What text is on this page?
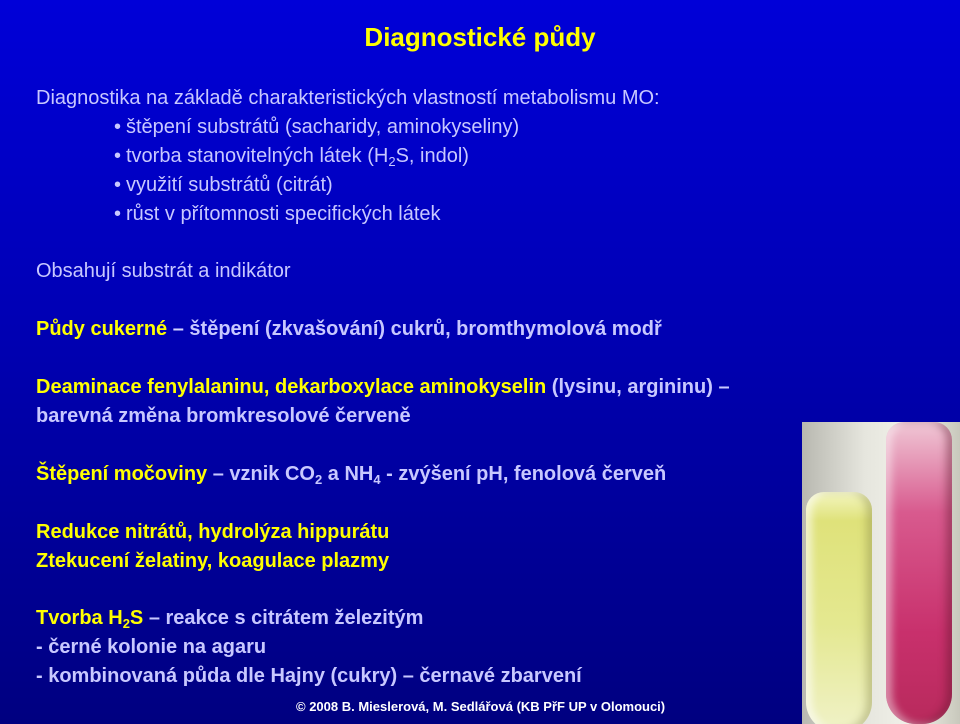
Diagnostické půdy
Diagnostika na základě charakteristických vlastností metabolismu MO:
• štěpení substrátů (sacharidy, aminokyseliny)
• tvorba stanovitelných látek ($H_2S$, indol)
• využití substrátů (citrát)
• růst v přítomnosti specifických látek
Obsahují substrát a indikátor
Půdy cukerné – štěpení (zkvašování) cukrů, bromthymolová modř
Deaminace fenylalaninu, dekarboxylace aminokyselin (lysinu, argininu) –
barevná změna bromkresolové červeně
Štěpení močoviny – vznik $CO_2$ a $NH_4$ - zvýšení pH, fenolová červeň
Redukce nitrátů, hydrolýza hippurátu
Ztekucení želatiny, koagulace plazmy
Tvorba $H_2S$ – reakce s citrátem železitým
- černé kolonie na agaru
- kombinovaná půda dle Hajny (cukry) – černavé zbarvení
© 2008 B. Mieslerová, M. Sedlářová (KB PřF UP v Olomouci)
